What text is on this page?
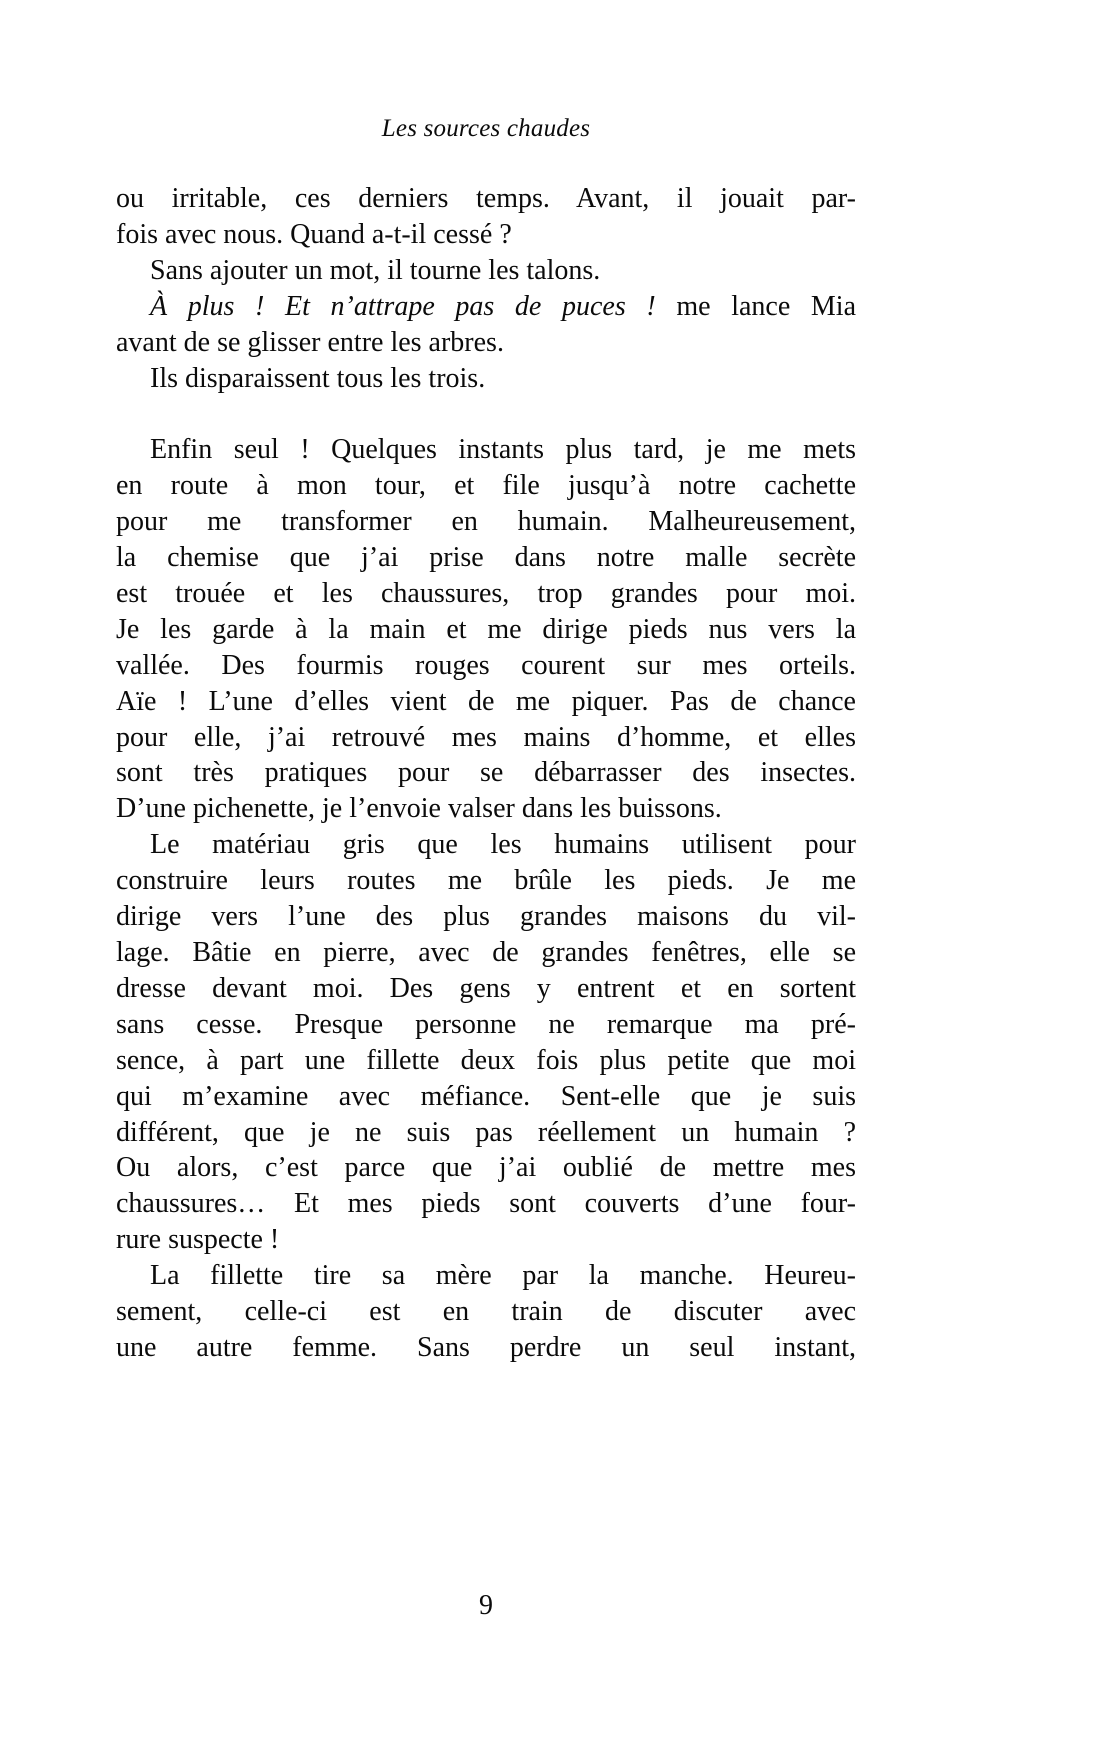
Les sources chaudes
ou irritable, ces derniers temps. Avant, il jouait par-
fois avec nous. Quand a-t-il cessé ?
Sans ajouter un mot, il tourne les talons.
À plus ! Et n’attrape pas de puces ! me lance Mia
avant de se glisser entre les arbres.
Ils disparaissent tous les trois.
Enfin seul ! Quelques instants plus tard, je me mets
en route à mon tour, et file jusqu’à notre cachette
pour me transformer en humain. Malheureusement,
la chemise que j’ai prise dans notre malle secrète
est trouée et les chaussures, trop grandes pour moi.
Je les garde à la main et me dirige pieds nus vers la
vallée. Des fourmis rouges courent sur mes orteils.
Aïe ! L’une d’elles vient de me piquer. Pas de chance
pour elle, j’ai retrouvé mes mains d’homme, et elles
sont très pratiques pour se débarrasser des insectes.
D’une pichenette, je l’envoie valser dans les buissons.
Le matériau gris que les humains utilisent pour
construire leurs routes me brûle les pieds. Je me
dirige vers l’une des plus grandes maisons du vil-
lage. Bâtie en pierre, avec de grandes fenêtres, elle se
dresse devant moi. Des gens y entrent et en sortent
sans cesse. Presque personne ne remarque ma pré-
sence, à part une fillette deux fois plus petite que moi
qui m’examine avec méfiance. Sent-elle que je suis
différent, que je ne suis pas réellement un humain ?
Ou alors, c’est parce que j’ai oublié de mettre mes
chaussures… Et mes pieds sont couverts d’une four-
rure suspecte !
La fillette tire sa mère par la manche. Heureu-
sement, celle-ci est en train de discuter avec
une autre femme. Sans perdre un seul instant,
9
